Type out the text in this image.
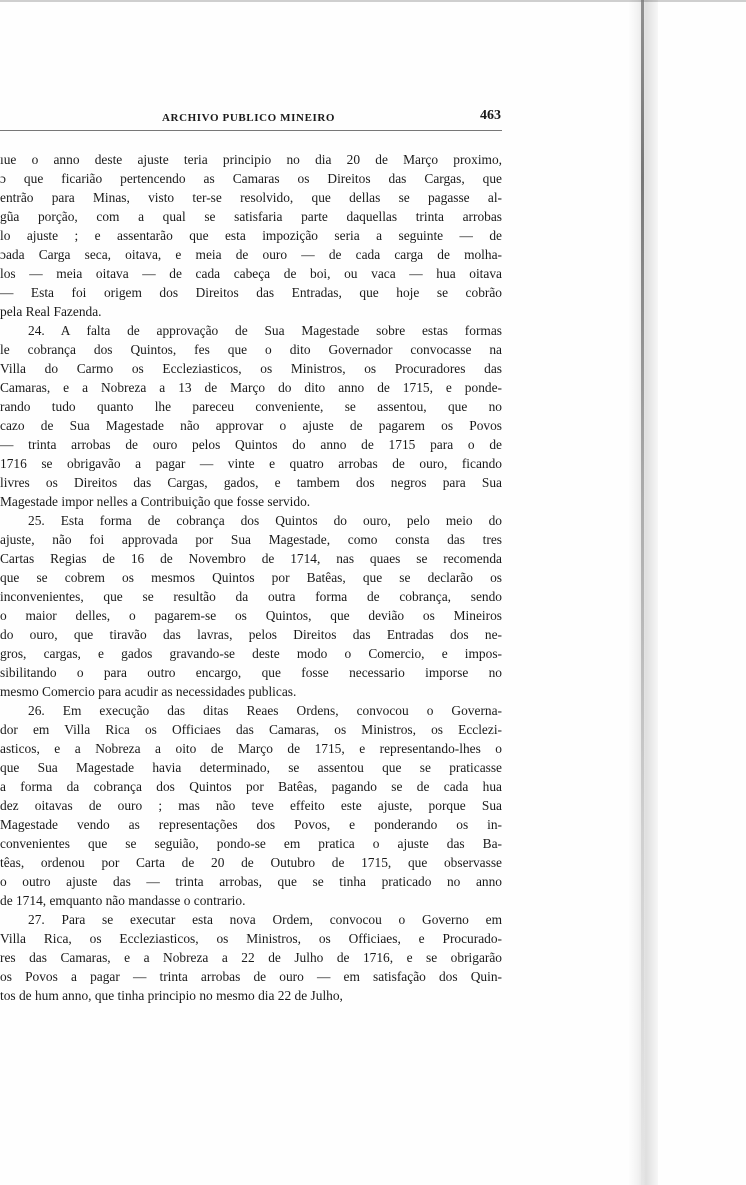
ARCHIVO PUBLICO MINEIRO	463
ıue o anno deste ajuste teria principio no dia 20 de Março proximo,
ɔ que ficarião pertencendo as Camaras os Direitos das Cargas, que
entrão para Minas, visto ter-se resolvido, que dellas se pagasse al-
gũa porção, com a qual se satisfaria parte daquellas trinta arrobas
lo ajuste ; e assentarão que esta impozição seria a seguinte — de
ɔada Carga seca, oitava, e meia de ouro — de cada carga de molha-
los — meia oitava — de cada cabeça de boi, ou vaca — hua oitava
— Esta foi origem dos Direitos das Entradas, que hoje se cobrão
pela Real Fazenda.
24. A falta de approvação de Sua Magestade sobre estas formas
le cobrança dos Quintos, fes que o dito Governador convocasse na
Villa do Carmo os Eccleziasticos, os Ministros, os Procuradores das
Camaras, e a Nobreza a 13 de Março do dito anno de 1715, e ponde-
rando tudo quanto lhe pareceu conveniente, se assentou, que no
cazo de Sua Magestade não approvar o ajuste de pagarem os Povos
— trinta arrobas de ouro pelos Quintos do anno de 1715 para o de
1716 se obrigavão a pagar — vinte e quatro arrobas de ouro, ficando
livres os Direitos das Cargas, gados, e tambem dos negros para Sua
Magestade impor nelles a Contribuição que fosse servido.
25. Esta forma de cobrança dos Quintos do ouro, pelo meio do
ajuste, não foi approvada por Sua Magestade, como consta das tres
Cartas Regias de 16 de Novembro de 1714, nas quaes se recomenda
que se cobrem os mesmos Quintos por Batêas, que se declarão os
inconvenientes, que se resultão da outra forma de cobrança, sendo
o maior delles, o pagarem-se os Quintos, que devião os Mineiros
do ouro, que tiravão das lavras, pelos Direitos das Entradas dos ne-
gros, cargas, e gados gravando-se deste modo o Comercio, e impos-
sibilitando o para outro encargo, que fosse necessario imporse no
mesmo Comercio para acudir as necessidades publicas.
26. Em execução das ditas Reaes Ordens, convocou o Governa-
dor em Villa Rica os Officiaes das Camaras, os Ministros, os Ecclezi-
asticos, e a Nobreza a oito de Março de 1715, e representando-lhes o
que Sua Magestade havia determinado, se assentou que se praticasse
a forma da cobrança dos Quintos por Batêas, pagando se de cada hua
dez oitavas de ouro ; mas não teve effeito este ajuste, porque Sua
Magestade vendo as representações dos Povos, e ponderando os in-
convenientes que se seguião, pondo-se em pratica o ajuste das Ba-
têas, ordenou por Carta de 20 de Outubro de 1715, que observasse
o outro ajuste das — trinta arrobas, que se tinha praticado no anno
de 1714, emquanto não mandasse o contrario.
27. Para se executar esta nova Ordem, convocou o Governo em
Villa Rica, os Eccleziasticos, os Ministros, os Officiaes, e Procurado-
res das Camaras, e a Nobreza a 22 de Julho de 1716, e se obrigarão
os Povos a pagar — trinta arrobas de ouro — em satisfação dos Quin-
tos de hum anno, que tinha principio no mesmo dia 22 de Julho,
